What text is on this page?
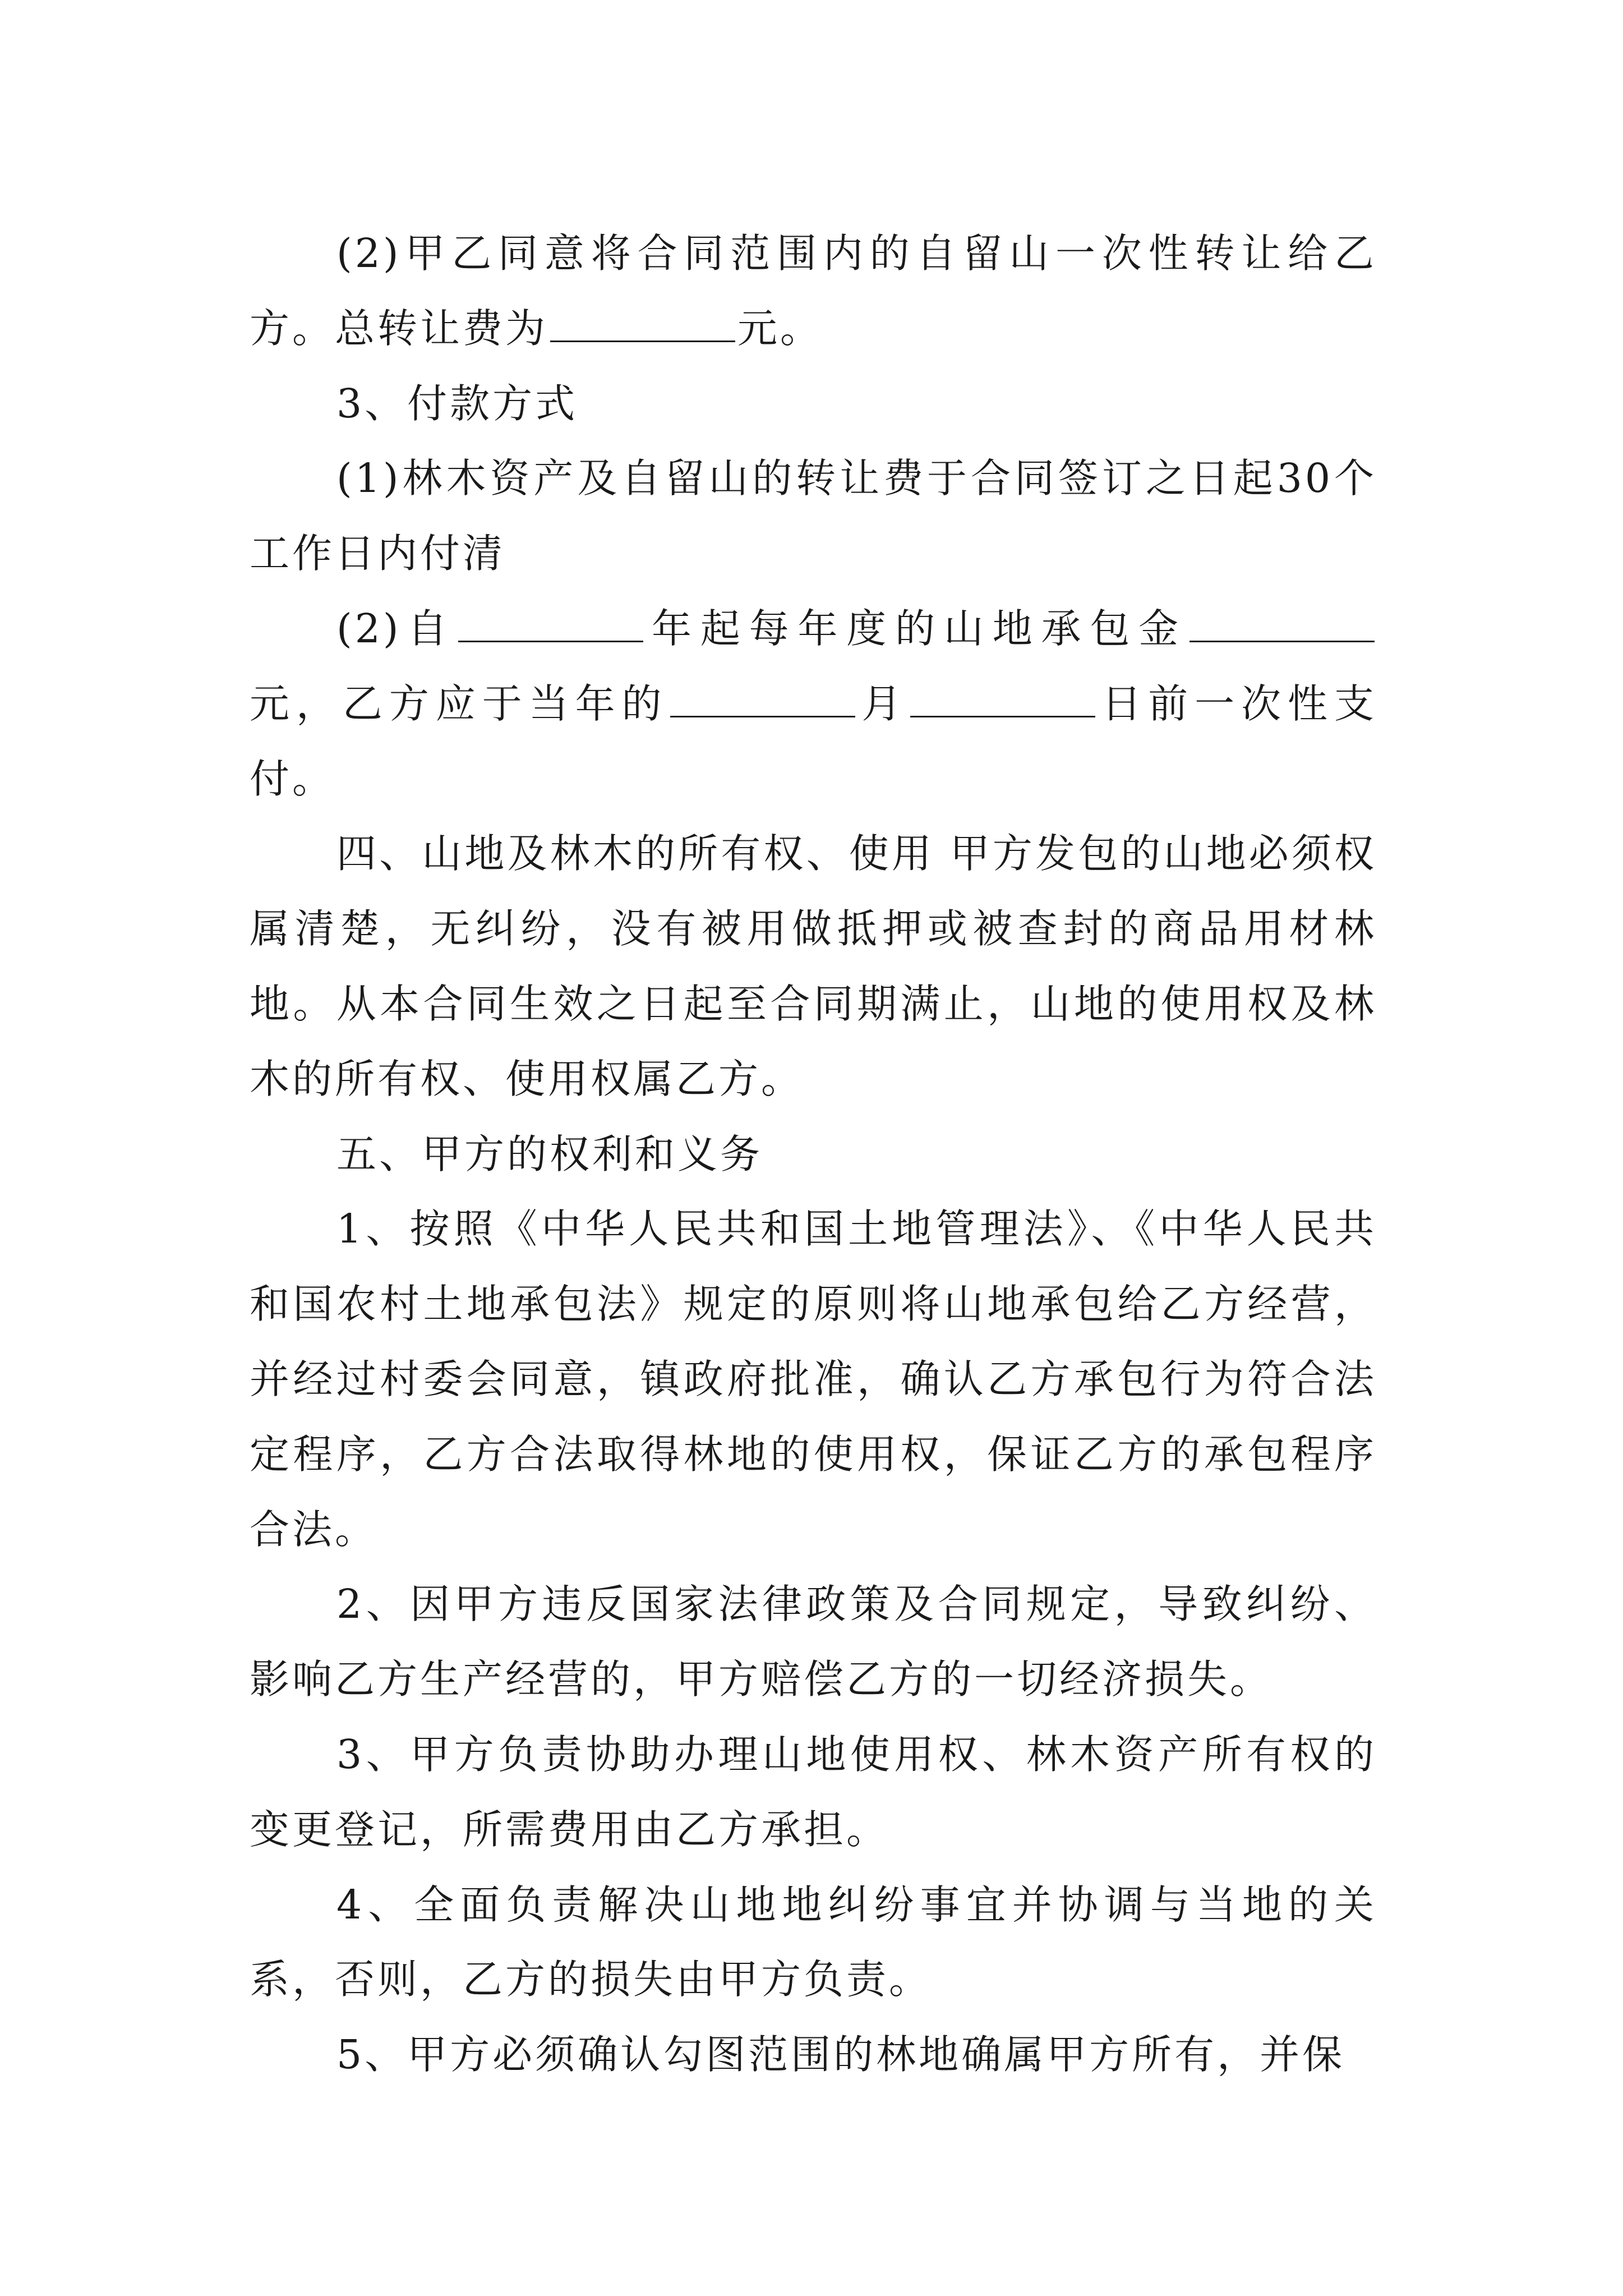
(2)甲乙同意将合同范围内的自留山一次性转让给乙方。总转让费为	元。

3、付款方式

(1)林木资产及自留山的转让费于合同签订之日起30个工作日内付清

(2)自	年起每年度的山地承包金元，乙方应于当年的	月	日前一次性支付。

四、山地及林木的所有权、使用 甲方发包的山地必须权属清楚，无纠纷，没有被用做抵押或被查封的商品用材林地。从本合同生效之日起至合同期满止，山地的使用权及林木的所有权、使用权属乙方。

五、甲方的权利和义务

1、按照《中华人民共和国土地管理法》、《中华人民共和国农村土地承包法》规定的原则将山地承包给乙方经营，并经过村委会同意，镇政府批准，确认乙方承包行为符合法定程序，乙方合法取得林地的使用权，保证乙方的承包程序合法。

2、因甲方违反国家法律政策及合同规定，导致纠纷、影响乙方生产经营的，甲方赔偿乙方的一切经济损失。

3、甲方负责协助办理山地使用权、林木资产所有权的变更登记，所需费用由乙方承担。

4、全面负责解决山地地纠纷事宜并协调与当地的关系，否则，乙方的损失由甲方负责。

5、甲方必须确认勾图范围的林地确属甲方所有，并保
